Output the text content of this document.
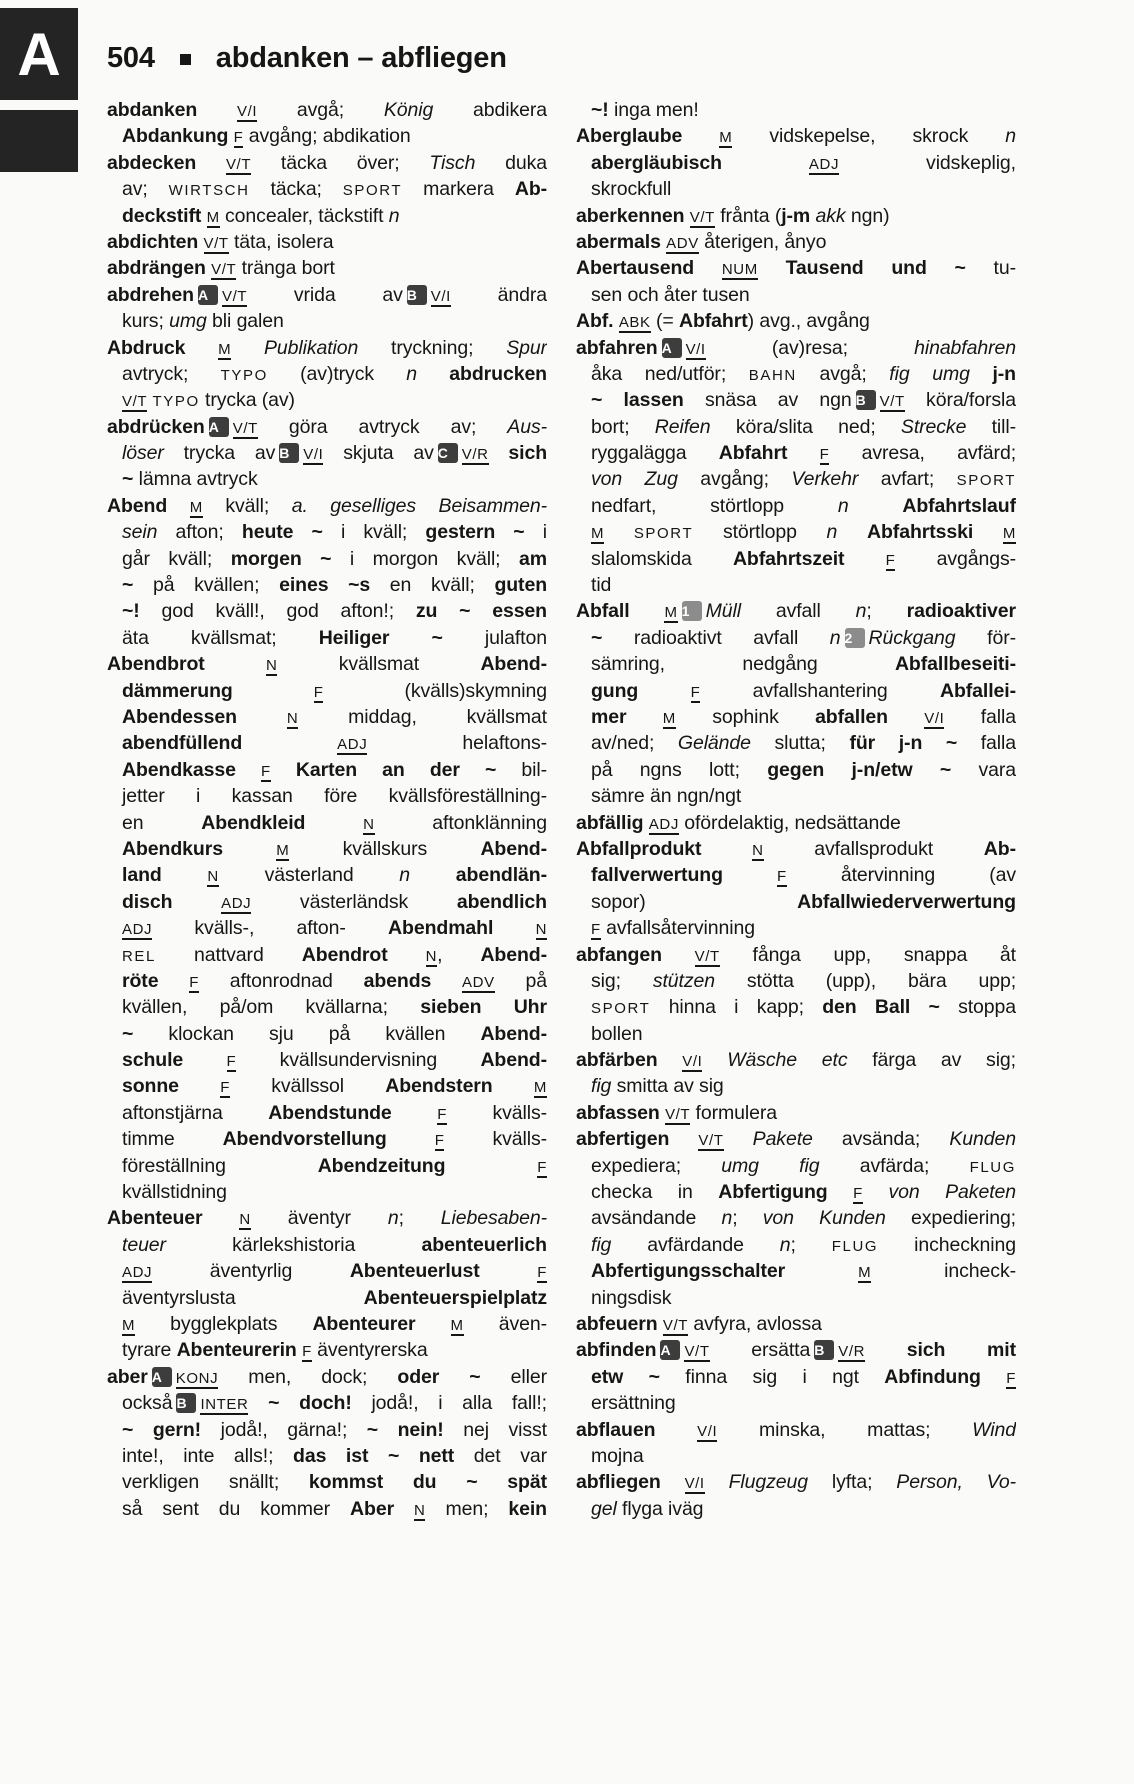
A 504 abdanken – abfliegen
abdanken V/I avgå; König abdikera
Abdankung F avgång; abdikation
abdecken V/T täcka över; Tisch duka
av; WIRTSCH täcka; SPORT markera Ab-
deckstift M concealer, täckstift n
abdichten V/T täta, isolera
abdrängen V/T tränga bort
abdrehen A V/T vrida av B V/I ändra
kurs; umg bli galen
Abdruck M Publikation tryckning; Spur
avtryck; TYPO (av)tryck n abdrucken
V/T TYPO trycka (av)
abdrücken A V/T göra avtryck av; Aus-
löser trycka av B V/I skjuta av C V/R sich
~ lämna avtryck
Abend M kväll; a. geselliges Beisammen-
sein afton; heute ~ i kväll; gestern ~ i
går kväll; morgen ~ i morgon kväll; am
~ på kvällen; eines ~s en kväll; guten
~! god kväll!, god afton!; zu ~ essen
äta kvällsmat; Heiliger ~ julafton
Abendbrot N kvällsmat Abend-
dämmerung F (kvälls)skymning
Abendessen N middag, kvällsmat
abendfüllend ADJ helaftons-
Abendkasse F Karten an der ~ bil-
jetter i kassan före kvällsföreställning-
en Abendkleid N aftonklänning
Abendkurs M kvällskurs Abend-
land N västerland n abendlän-
disch ADJ västerländsk abendlich
ADJ kvälls-, afton- Abendmahl N
REL nattvard Abendrot N, Abend-
röte F aftonrodnad abends ADV på
kvällen, på/om kvällarna; sieben Uhr
~ klockan sju på kvällen Abend-
schule F kvällsundervisning Abend-
sonne F kvällssol Abendstern M
aftonstjärna Abendstunde F kvälls-
timme Abendvorstellung F kvälls-
föreställning Abendzeitung F
kvällstidning
Abenteuer N äventyr n; Liebesaben-
teuer kärlekshistoria abenteuerlich
ADJ äventyrlig Abenteuerlust F
äventyrslusta Abenteuerspielplatz
M bygglekplats Abenteurer M även-
tyrare Abenteurerin F äventyrerska
aber A KONJ men, dock; oder ~ eller
också B INTER ~ doch! jodå!, i alla fall!;
~ gern! jodå!, gärna!; ~ nein! nej visst
inte!, inte alls!; das ist ~ nett det var
verkligen snällt; kommst du ~ spät
så sent du kommer Aber N men; kein
~! inga men!
Aberglaube M vidskepelse, skrock n
abergläubisch ADJ vidskeplig,
skrockfull
aberkennen V/T frånta (j-m akk ngn)
abermals ADV återigen, ånyo
Abertausend NUM Tausend und ~ tu-
sen och åter tusen
Abf. ABK (= Abfahrt) avg., avgång
abfahren A V/I (av)resa; hinabfahren
åka ned/utför; BAHN avgå; fig umg j-n
~ lassen snäsa av ngn B V/T köra/forsla
bort; Reifen köra/slita ned; Strecke till-
ryggalägga Abfahrt F avresa, avfärd;
von Zug avgång; Verkehr avfart; SPORT
nedfart, störtlopp n	Abfahrtslauf
M SPORT störtlopp n Abfahrtsski M
slalomskida Abfahrtszeit F avgångs-
tid
Abfall M 1 Müll avfall n; radioaktiver
~ radioaktivt avfall n 2 Rückgang för-
sämring, nedgång Abfallbeseiti-
gung F avfallshantering Abfallei-
mer M sophink abfallen V/I falla
av/ned; Gelände slutta; für j-n ~ falla
på ngns lott; gegen j-n/etw ~ vara
sämre än ngn/ngt
abfällig ADJ ofördelaktig, nedsättande
Abfallprodukt N avfallsprodukt Ab-
fallverwertung F återvinning (av
sopor) Abfallwiederverwertung
F avfallsåtervinning
abfangen V/T fånga upp, snappa åt
sig; stützen stötta (upp), bära upp;
SPORT hinna i kapp; den Ball ~ stoppa
bollen
abfärben V/I Wäsche etc färga av sig;
fig smitta av sig
abfassen V/T formulera
abfertigen V/T Pakete avsända; Kunden
expediera; umg fig avfärda; FLUG
checka in Abfertigung F von Paketen
avsändande n; von Kunden expediering;
fig avfärdande n; FLUG incheckning
Abfertigungsschalter M incheck-
ningsdisk
abfeuern V/T avfyra, avlossa
abfinden A V/T ersätta B V/R sich mit
etw ~ finna sig i ngt Abfindung F
ersättning
abflauen V/I minska, mattas; Wind
mojna
abfliegen V/I Flugzeug lyfta; Person, Vo-
gel flyga iväg
